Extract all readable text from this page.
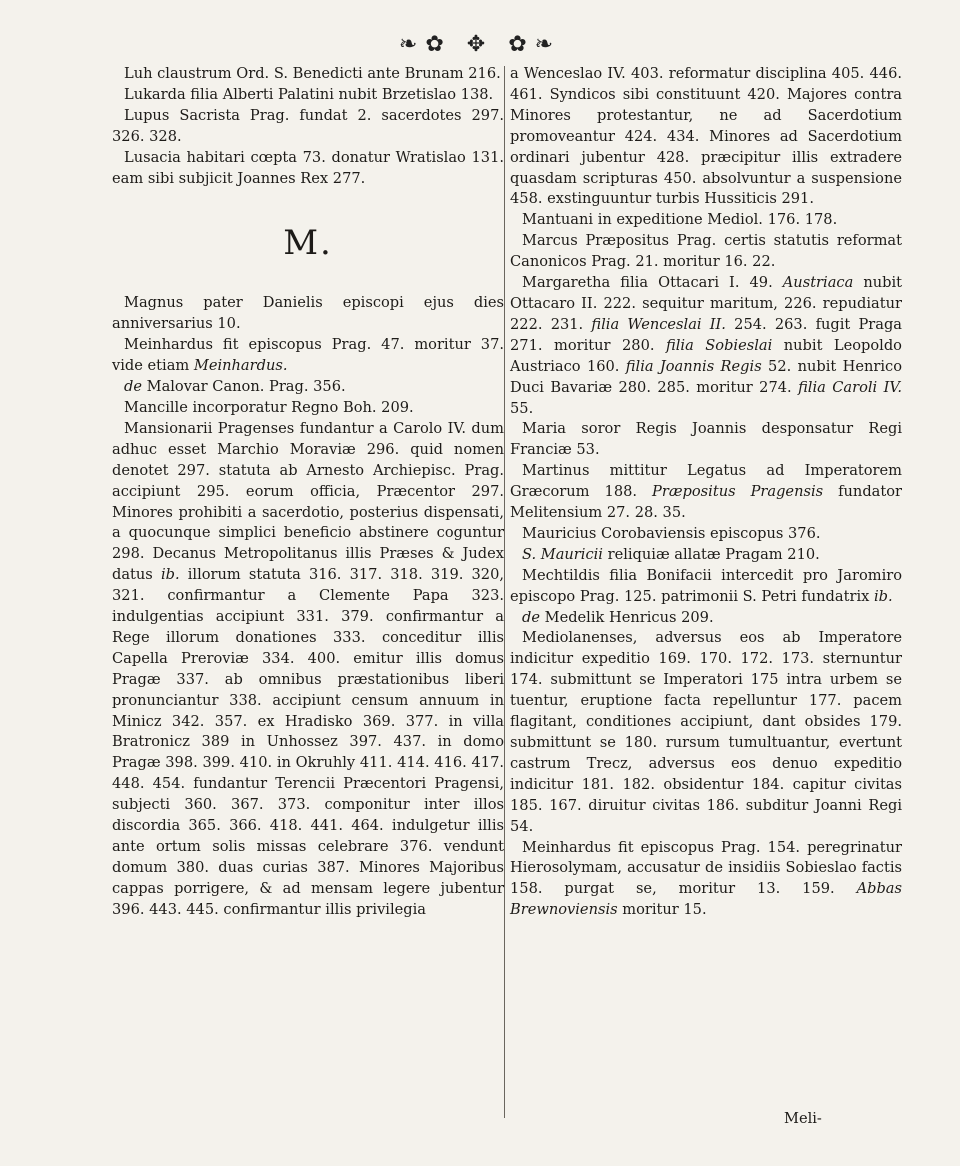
❧✿ ✥ ✿❧

Luh claustrum Ord. S. Benedicti ante Brunam 216.

Lukarda filia Alberti Palatini nubit Brzetislao 138.

Lupus Sacrista Prag. fundat 2. sacerdotes 297. 326. 328.

Lusacia habitari cœpta 73. donatur Wratislao 131. eam sibi subjicit Joannes Rex 277.

M.

Magnus pater Danielis episcopi ejus dies anniversarius 10.

Meinhardus fit episcopus Prag. 47. moritur 37. vide etiam Meinhardus.

de Malovar Canon. Prag. 356.

Mancille incorporatur Regno Boh. 209.

Mansionarii Pragenses fundantur a Carolo IV. dum adhuc esset Marchio Moraviæ 296. quid nomen denotet 297. statuta ab Arnesto Archiepisc. Prag. accipiunt 295. eorum officia, Præcentor 297. Minores prohibiti a sacerdotio, posterius dispensati, a quocunque simplici beneficio abstinere coguntur 298. Decanus Metropolitanus illis Præses & Judex datus ib. illorum statuta 316. 317. 318. 319. 320, 321. confirmantur a Clemente Papa 323. indulgentias accipiunt 331. 379. confirmantur a Rege illorum donationes 333. conceditur illis Capella Preroviæ 334. 400. emitur illis domus Pragæ 337. ab omnibus præstationibus liberi pronunciantur 338. accipiunt censum annuum in Minicz 342. 357. ex Hradisko 369. 377. in villa Bratronicz 389 in Unhossez 397. 437. in domo Pragæ 398. 399. 410. in Okruhly 411. 414. 416. 417. 448. 454. fundantur Terencii Præcentori Pragensi, subjecti 360. 367. 373. componitur inter illos discordia 365. 366. 418. 441. 464. indulgetur illis ante ortum solis missas celebrare 376. vendunt domum 380. duas curias 387. Minores Majoribus cappas porrigere, & ad mensam legere jubentur 396. 443. 445. confirmantur illis privilegia

a Wenceslao IV. 403. reformatur disciplina 405. 446. 461. Syndicos sibi constituunt 420. Majores contra Minores protestantur, ne ad Sacerdotium promoveantur 424. 434. Minores ad Sacerdotium ordinari jubentur 428. præcipitur illis extradere quasdam scripturas 450. absolvuntur a suspensione 458. exstinguuntur turbis Hussiticis 291.

Mantuani in expeditione Mediol. 176. 178.

Marcus Præpositus Prag. certis statutis reformat Canonicos Prag. 21. moritur 16. 22.

Margaretha filia Ottacari I. 49. Austriaca nubit Ottacaro II. 222. sequitur maritum, 226. repudiatur 222. 231. filia Wenceslai II. 254. 263. fugit Praga 271. moritur 280. filia Sobieslai nubit Leopoldo Austriaco 160. filia Joannis Regis 52. nubit Henrico Duci Bavariæ 280. 285. moritur 274. filia Caroli IV. 55.

Maria soror Regis Joannis desponsatur Regi Franciæ 53.

Martinus mittitur Legatus ad Imperatorem Græcorum 188. Præpositus Pragensis fundator Melitensium 27. 28. 35.

Mauricius Corobaviensis episcopus 376.

S. Mauricii reliquiæ allatæ Pragam 210.

Mechtildis filia Bonifacii intercedit pro Jaromiro episcopo Prag. 125. patrimonii S. Petri fundatrix ib.

de Medelik Henricus 209.

Mediolanenses, adversus eos ab Imperatore indicitur expeditio 169. 170. 172. 173. sternuntur 174. submittunt se Imperatori 175 intra urbem se tuentur, eruptione facta repelluntur 177. pacem flagitant, conditiones accipiunt, dant obsides 179. submittunt se 180. rursum tumultuantur, evertunt castrum Trecz, adversus eos denuo expeditio indicitur 181. 182. obsidentur 184. capitur civitas 185. 167. diruitur civitas 186. subditur Joanni Regi 54.

Meinhardus fit episcopus Prag. 154. peregrinatur Hierosolymam, accusatur de insidiis Sobieslao factis 158. purgat se, moritur 13. 159. Abbas Brewnoviensis moritur 15.

Meli-
